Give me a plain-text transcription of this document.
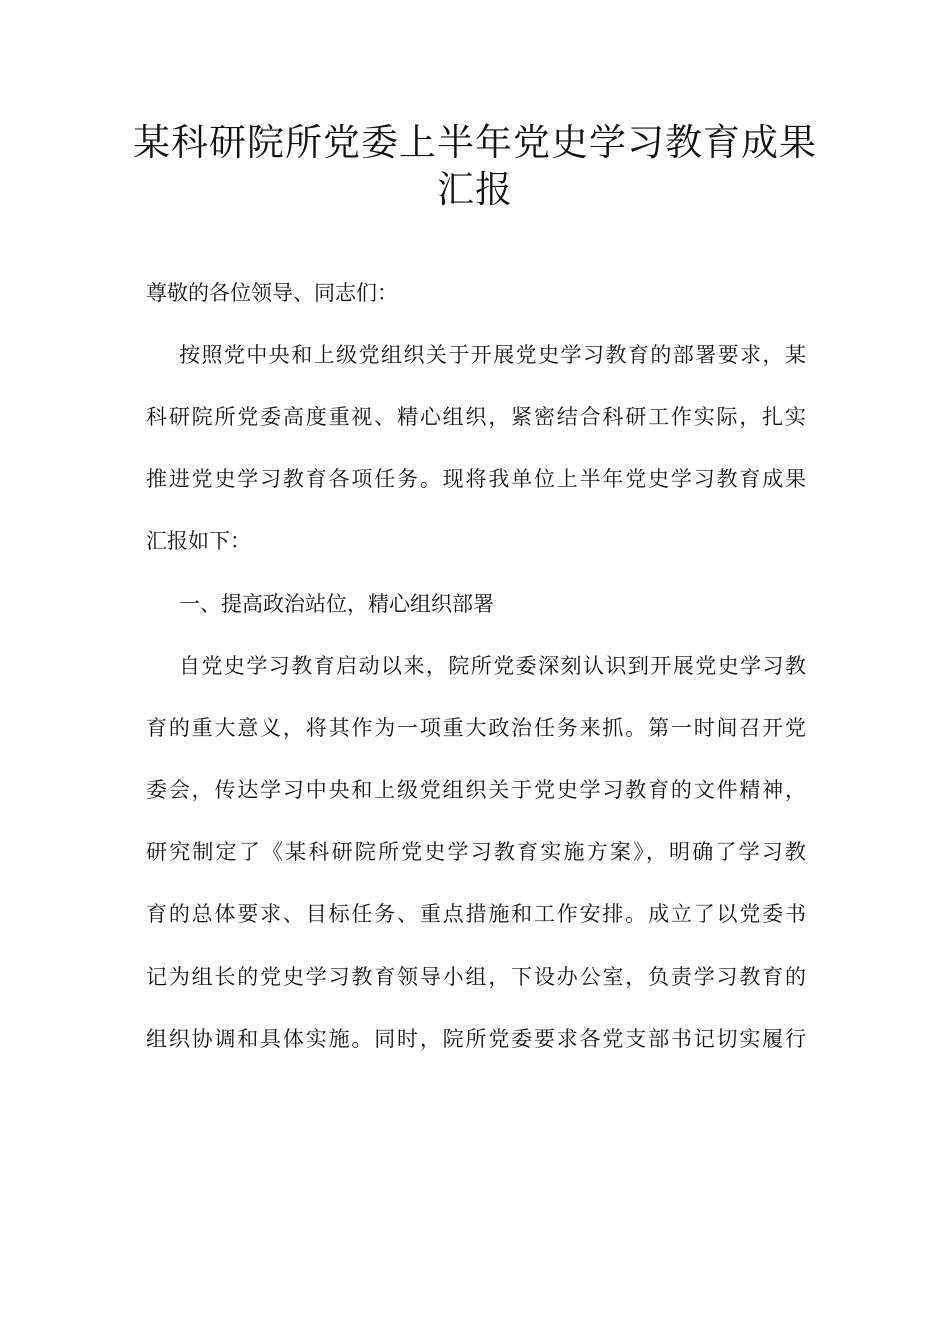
某科研院所党委上半年党史学习教育成果
汇报
尊敬的各位领导、同志们：
按照党中央和上级党组织关于开展党史学习教育的部署要求，某
科研院所党委高度重视、精心组织，紧密结合科研工作实际，扎实
推进党史学习教育各项任务。现将我单位上半年党史学习教育成果
汇报如下：
一、提高政治站位，精心组织部署
自党史学习教育启动以来，院所党委深刻认识到开展党史学习教
育的重大意义，将其作为一项重大政治任务来抓。第一时间召开党
委会，传达学习中央和上级党组织关于党史学习教育的文件精神，
研究制定了《某科研院所党史学习教育实施方案》，明确了学习教
育的总体要求、目标任务、重点措施和工作安排。成立了以党委书
记为组长的党史学习教育领导小组，下设办公室，负责学习教育的
组织协调和具体实施。同时，院所党委要求各党支部书记切实履行
